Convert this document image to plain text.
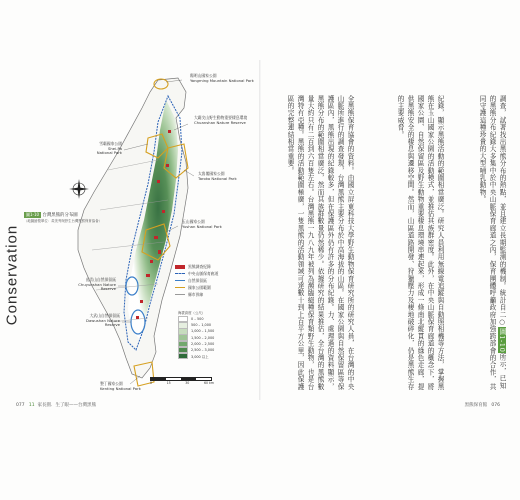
圖1-10 台灣黑熊的分布圖
（地圖繪製單位：黃美秀與野生台灣黑熊保育協會）
陽明山國家公園
Yangming Mountain National Park
大霸尖山野生動物重要棲息環境
Chuanshan Nature Reserve
雪霸國家公園
Shei-Pa National Park
太魯閣國家公園
Taroko National Park
玉山國家公園
Yushan National Park
出雲山自然保留區
Chuyunshan Nature Reserve
大武山自然保留區
Dawushan Nature Reserve
墾丁國家公園
Kenting National Park
黑熊調查紀錄
中央山脈保育廊道
自然保留區
國家公園範圍
縣市界線
海拔高度（公尺）
0 – 500
500 – 1,000
1,000 – 1,500
1,500 – 2,000
2,000 – 2,500
2,500 – 3,000
3,000 以上
0	15	30	60 km
Conservation	全黑熊保育協會的資料。由國立屏東科技大學野生動物保育研究所的研究人員，在台灣的中央山脈所進行的調查發現，台灣黑熊主要分布於中高海拔的山區。在國家公園與自然保留區等保護區內，黑熊出現的紀錄較多，但在保護區外仍有許多的分布紀錄。力、處理過的資料顯示，黑熊分布的範圍相當廣泛，然而其族群數量仍然稀少。依據研究的結果推估，全台灣的黑熊數量大約只有二百到六百隻左右。台灣黑熊一九八九年被列為瀕臨絕種保育類野生動物，也是台灣特有亞種。黑熊的活動範圍極廣，一隻黑熊的活動領域可達數十到上百平方公里，因此保護區的完整連結相當重要。	紀錄，顯示黑熊活動的範圍相當廣泛。研究人員利用無線電追蹤與自動照相機等方法，掌握黑熊在玉山國家公園的活動模式，並推估其族群密度。此外，在中央山脈保育廊道的概念下，將國家公園、自然保留區及野生動物重要棲息環境串連起來，形成一條南北縱貫的綠色走廊，提供黑熊安全的棲息與遷移空間。然而，山區道路開發、狩獵壓力及棲地破碎化，仍是黑熊生存的主要威脅。	調查，試著找出黑熊分布的熱點，並且建立長期監測的機制。統計自二○圖1-10所示，已知的黑熊分布紀錄大多集中於中央山脈保育廊道之內，保育團體呼籲政府加強跨部會的合作，共同守護這種珍貴的大型哺乳動物。
077 11 家長園．生了眼——台灣黑熊	黑熊保育館 076
